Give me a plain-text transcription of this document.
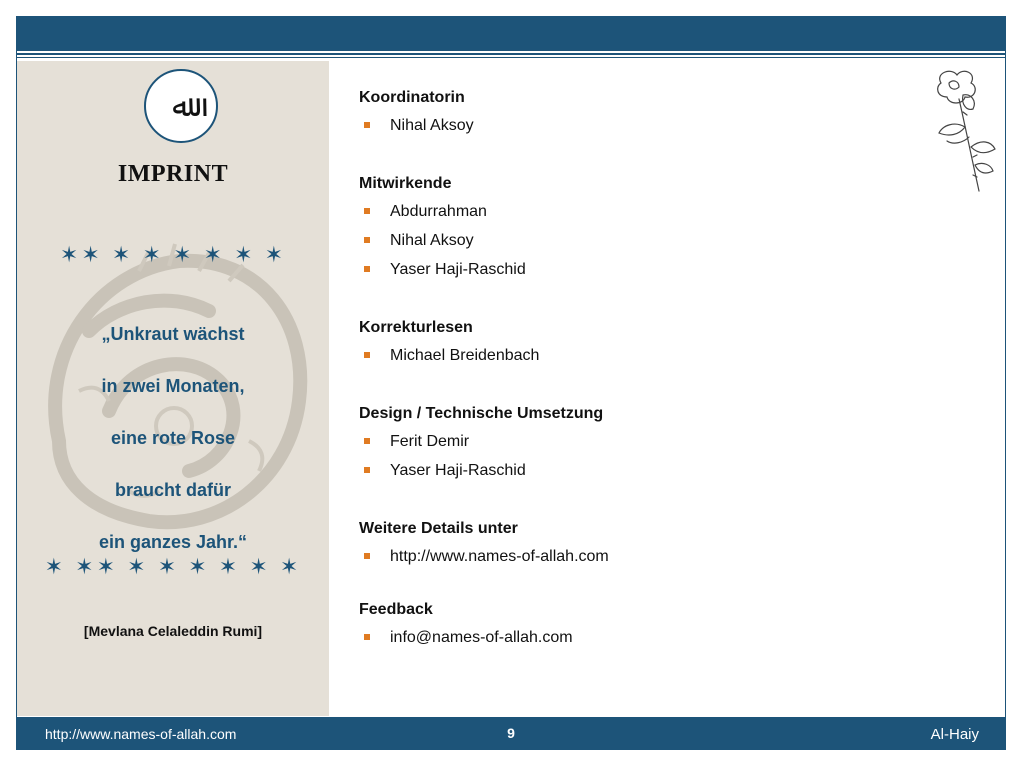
ﷲ
IMPRINT
✶✶ ✶ ✶ ✶ ✶ ✶ ✶
„Unkraut wächst
in zwei Monaten,
eine rote Rose
braucht dafür
ein ganzes Jahr.“
✶ ✶✶ ✶ ✶ ✶ ✶ ✶ ✶
[Mevlana Celaleddin Rumi]
Koordinatorin
Nihal Aksoy
Mitwirkende
Abdurrahman
Nihal Aksoy
Yaser Haji-Raschid
Korrekturlesen
Michael Breidenbach
Design / Technische Umsetzung
Ferit Demir
Yaser Haji-Raschid
Weitere Details unter
http://www.names-of-allah.com
Feedback
info@names-of-allah.com
http://www.names-of-allah.com	9	Al-Haiy
